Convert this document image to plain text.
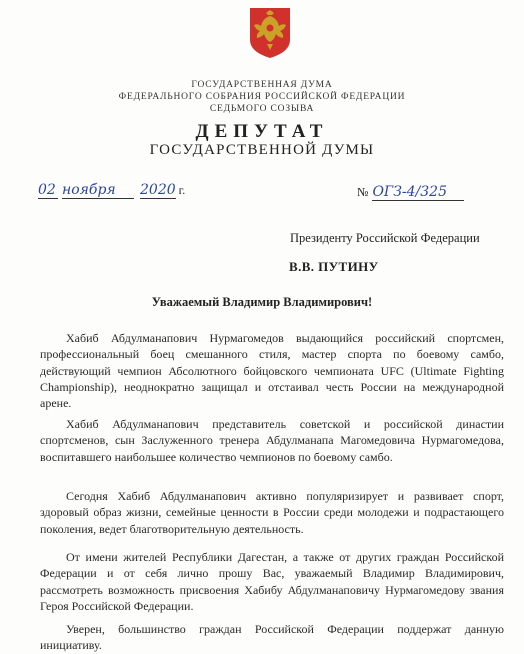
ГОСУДАРСТВЕННАЯ ДУМА
ФЕДЕРАЛЬНОГО СОБРАНИЯ РОССИЙСКОЙ ФЕДЕРАЦИИ
СЕДЬМОГО СОЗЫВА
ДЕПУТАТ
ГОСУДАРСТВЕННОЙ ДУМЫ
02 ноября 2020 г.	№ ОГЗ-4/325
Президенту Российской Федерации
В.В. ПУТИНУ
Уважаемый Владимир Владимирович!

Хабиб Абдулманапович Нурмагомедов выдающийся российский спортсмен, профессиональный боец смешанного стиля, мастер спорта по боевому самбо, действующий чемпион Абсолютного бойцовского чемпионата UFC (Ultimate Fighting Championship), неоднократно защищал и отстаивал честь России на международной арене.

Хабиб Абдулманапович представитель советской и российской династии спортсменов, сын Заслуженного тренера Абдулманапа Магомедовича Нурмагомедова, воспитавшего наибольшее количество чемпионов по боевому самбо.

Сегодня Хабиб Абдулманапович активно популяризирует и развивает спорт, здоровый образ жизни, семейные ценности в России среди молодежи и подрастающего поколения, ведет благотворительную деятельность.

От имени жителей Республики Дагестан, а также от других граждан Российской Федерации и от себя лично прошу Вас, уважаемый Владимир Владимирович, рассмотреть возможность присвоения Хабибу Абдулманаповичу Нурмагомедову звания Героя Российской Федерации.

Уверен, большинство граждан Российской Федерации поддержат данную инициативу.
